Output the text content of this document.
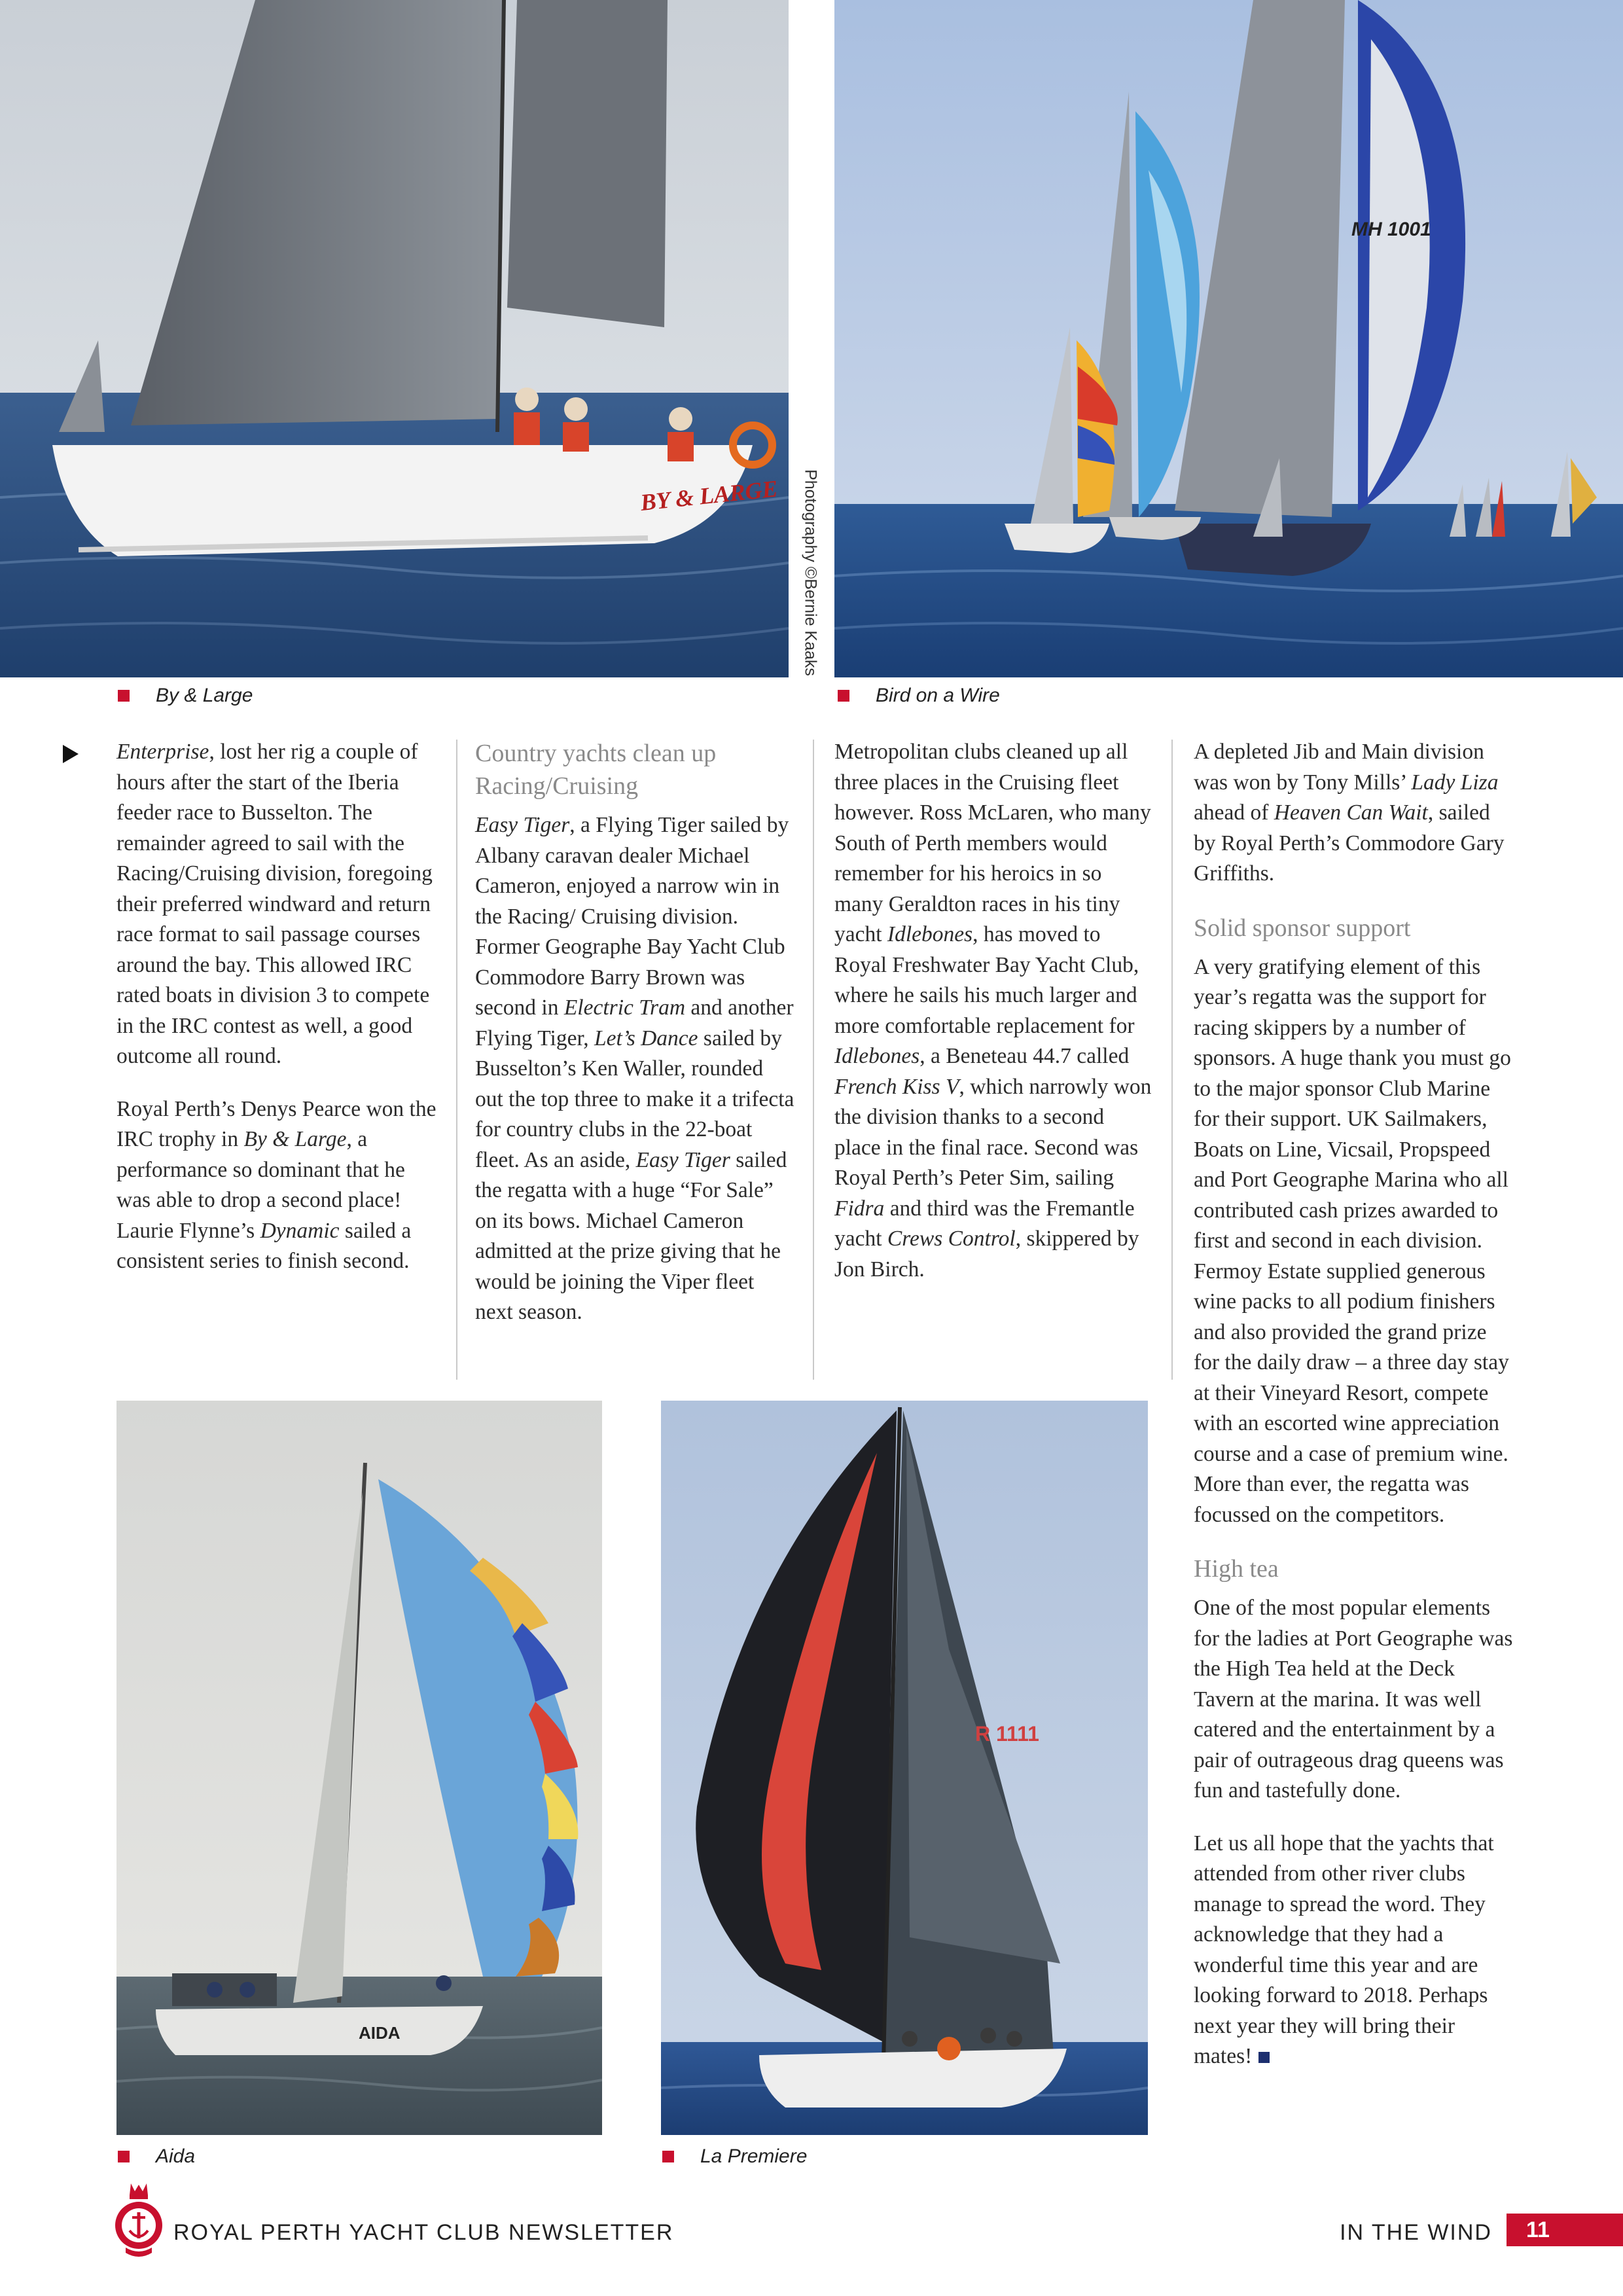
BY & LARGE
By & Large
Photography ©Bernie Kaaks
MH 1001
Bird on a Wire

Enterprise, lost her rig a couple of hours after the start of the Iberia feeder race to Busselton. The remainder agreed to sail with the Racing/Cruising division, foregoing their preferred windward and return race format to sail passage courses around the bay. This allowed IRC rated boats in division 3 to compete in the IRC contest as well, a good outcome all round.

Royal Perth’s Denys Pearce won the IRC trophy in By & Large, a performance so dominant that he was able to drop a second place! Laurie Flynne’s Dynamic sailed a consistent series to finish second.

Country yachts clean up Racing/Cruising

Easy Tiger, a Flying Tiger sailed by Albany caravan dealer Michael Cameron, enjoyed a narrow win in the Racing/ Cruising division. Former Geographe Bay Yacht Club Commodore Barry Brown was second in Electric Tram and another Flying Tiger, Let’s Dance sailed by Busselton’s Ken Waller, rounded out the top three to make it a trifecta for country clubs in the 22-boat fleet. As an aside, Easy Tiger sailed the regatta with a huge “For Sale” on its bows. Michael Cameron admitted at the prize giving that he would be joining the Viper fleet next season.

Metropolitan clubs cleaned up all three places in the Cruising fleet however. Ross McLaren, who many South of Perth members would remember for his heroics in so many Geraldton races in his tiny yacht Idlebones, has moved to Royal Freshwater Bay Yacht Club, where he sails his much larger and more comfortable replacement for Idlebones, a Beneteau 44.7 called French Kiss V, which narrowly won the division thanks to a second place in the final race. Second was Royal Perth’s Peter Sim, sailing Fidra and third was the Fremantle yacht Crews Control, skippered by Jon Birch.

A depleted Jib and Main division was won by Tony Mills’ Lady Liza ahead of Heaven Can Wait, sailed by Royal Perth’s Commodore Gary Griffiths.

Solid sponsor support

A very gratifying element of this year’s regatta was the support for racing skippers by a number of sponsors. A huge thank you must go to the major sponsor Club Marine for their support. UK Sailmakers, Boats on Line, Vicsail, Propspeed and Port Geographe Marina who all contributed cash prizes awarded to first and second in each division. Fermoy Estate supplied generous wine packs to all podium finishers and also provided the grand prize for the daily draw – a three day stay at their Vineyard Resort, compete with an escorted wine appreciation course and a case of premium wine. More than ever, the regatta was focussed on the competitors.

High tea

One of the most popular elements for the ladies at Port Geographe was the High Tea held at the Deck Tavern at the marina. It was well catered and the entertainment by a pair of outrageous drag queens was fun and tastefully done.

Let us all hope that the yachts that attended from other river clubs manage to spread the word. They acknowledge that they had a wonderful time this year and are looking forward to 2018. Perhaps next year they will bring their mates!

AIDA
Aida
R 1111
La Premiere
ROYAL PERTH YACHT CLUB NEWSLETTER	IN THE WIND	11
